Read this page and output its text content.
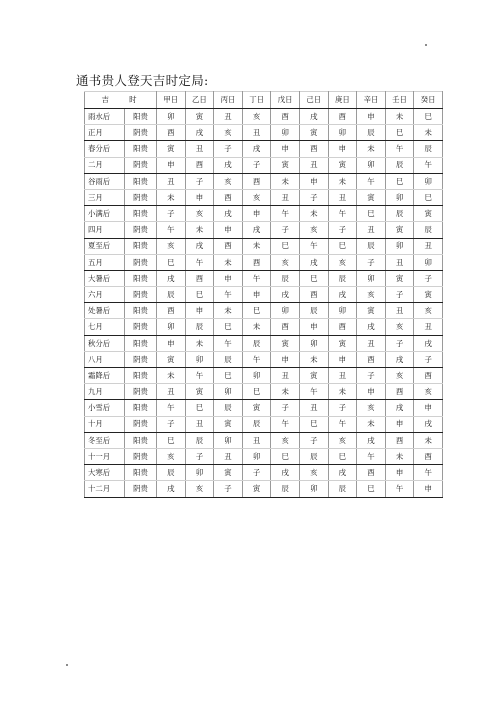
通书贵人登天吉时定局:
吉 时		甲日	乙日	丙日	丁日	戊日	己日	庚日	辛日	壬日	癸日
雨水后	阳贵	卯	寅	丑	亥	酉	戌	酉	申	未	巳
正月	阴贵	酉	戌	亥	丑	卯	寅	卯	辰	巳	未
春分后	阳贵	寅	丑	子	戌	申	酉	申	未	午	辰
二月	阴贵	申	酉	戌	子	寅	丑	寅	卯	辰	午
谷雨后	阳贵	丑	子	亥	酉	未	申	未	午	巳	卯
三月	阴贵	未	申	酉	亥	丑	子	丑	寅	卯	巳
小满后	阳贵	子	亥	戌	申	午	未	午	巳	辰	寅
四月	阴贵	午	未	申	戌	子	亥	子	丑	寅	辰
夏至后	阳贵	亥	戌	酉	未	巳	午	巳	辰	卯	丑
五月	阴贵	巳	午	未	酉	亥	戌	亥	子	丑	卯
大暑后	阳贵	戌	酉	申	午	辰	巳	辰	卯	寅	子
六月	阴贵	辰	巳	午	申	戌	酉	戌	亥	子	寅
处暑后	阳贵	酉	申	未	巳	卯	辰	卯	寅	丑	亥
七月	阴贵	卯	辰	巳	未	酉	申	酉	戌	亥	丑
秋分后	阳贵	申	未	午	辰	寅	卯	寅	丑	子	戌
八月	阴贵	寅	卯	辰	午	申	未	申	酉	戌	子
霜降后	阳贵	未	午	巳	卯	丑	寅	丑	子	亥	酉
九月	阴贵	丑	寅	卯	巳	未	午	未	申	酉	亥
小雪后	阳贵	午	巳	辰	寅	子	丑	子	亥	戌	申
十月	阴贵	子	丑	寅	辰	午	巳	午	未	申	戌
冬至后	阳贵	巳	辰	卯	丑	亥	子	亥	戌	酉	未
十一月	阴贵	亥	子	丑	卯	巳	辰	巳	午	未	酉
大寒后	阳贵	辰	卯	寅	子	戌	亥	戌	酉	申	午
十二月	阴贵	戌	亥	子	寅	辰	卯	辰	巳	午	申
